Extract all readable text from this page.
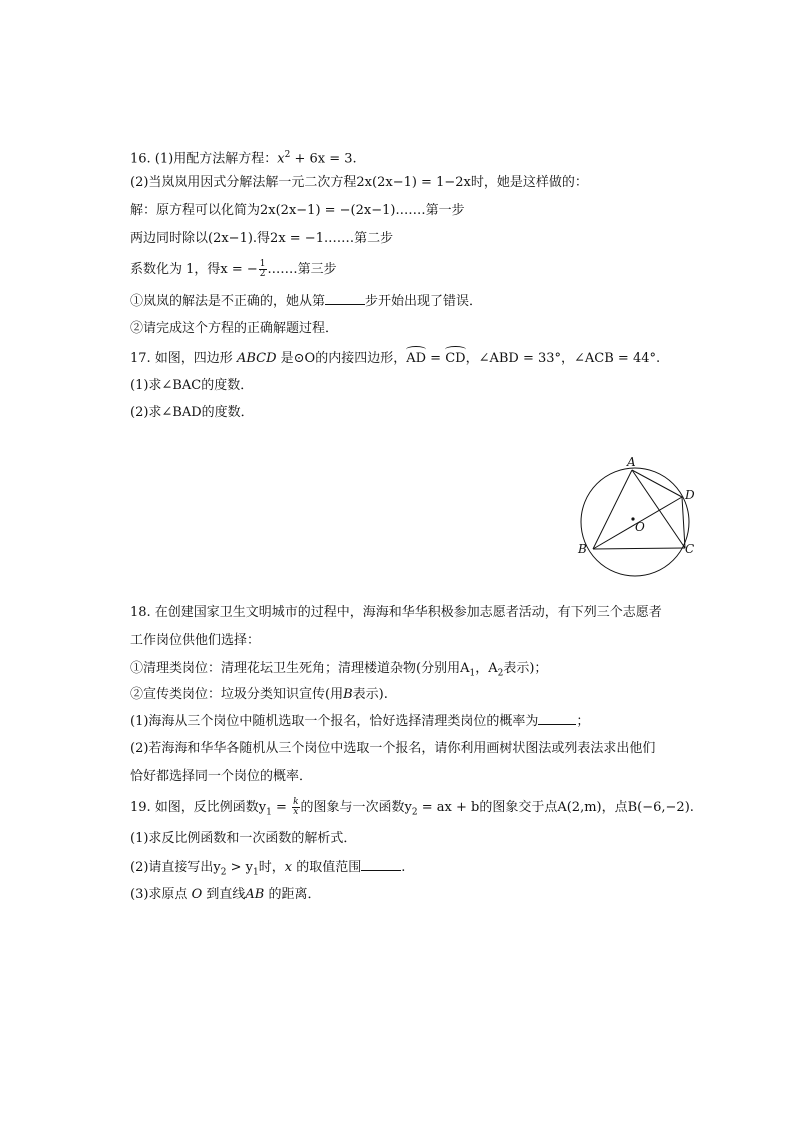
16. (1)用配方法解方程：$x^2 + 6x = 3$.
(2)当岚岚用因式分解法解一元二次方程2x(2x−1) = 1−2x时，她是这样做的：
解：原方程可以化简为2x(2x−1) = −(2x−1).……第一步
两边同时除以(2x−1).得2x = −1.……第二步
系数化为 1，得x = − $\frac{1}{2}$ .……第三步
①岚岚的解法是不正确的，她从第	步开始出现了错误．
②请完成这个方程的正确解题过程．
17. 如图，四边形 ABCD 是⊙O的内接四边形，AD = CD，∠ABD = 33°，∠ACB = 44°.
(1)求∠BAC的度数．
(2)求∠BAD的度数．
A
B	C
D
O
18. 在创建国家卫生文明城市的过程中，海海和华华积极参加志愿者活动，有下列三个志愿者
工作岗位供他们选择：
①清理类岗位：清理花坛卫生死角；清理楼道杂物(分别用$A_1$，$A_2$表示)；
②宣传类岗位：垃圾分类知识宣传(用B表示).
(1)海海从三个岗位中随机选取一个报名，恰好选择清理类岗位的概率为	；
(2)若海海和华华各随机从三个岗位中选取一个报名，请你利用画树状图法或列表法求出他们
恰好都选择同一个岗位的概率．
19. 如图，反比例函数$y_1 = \frac{k}{x}$ 的图象与一次函数$y_2$ = ax + b的图象交于点A(2,m)，点B(−6,−2).
(1)求反比例函数和一次函数的解析式．
(2)请直接写出$y_2 > y_1$时，x 的取值范围	.
(3)求原点 O 到直线AB 的距离．
